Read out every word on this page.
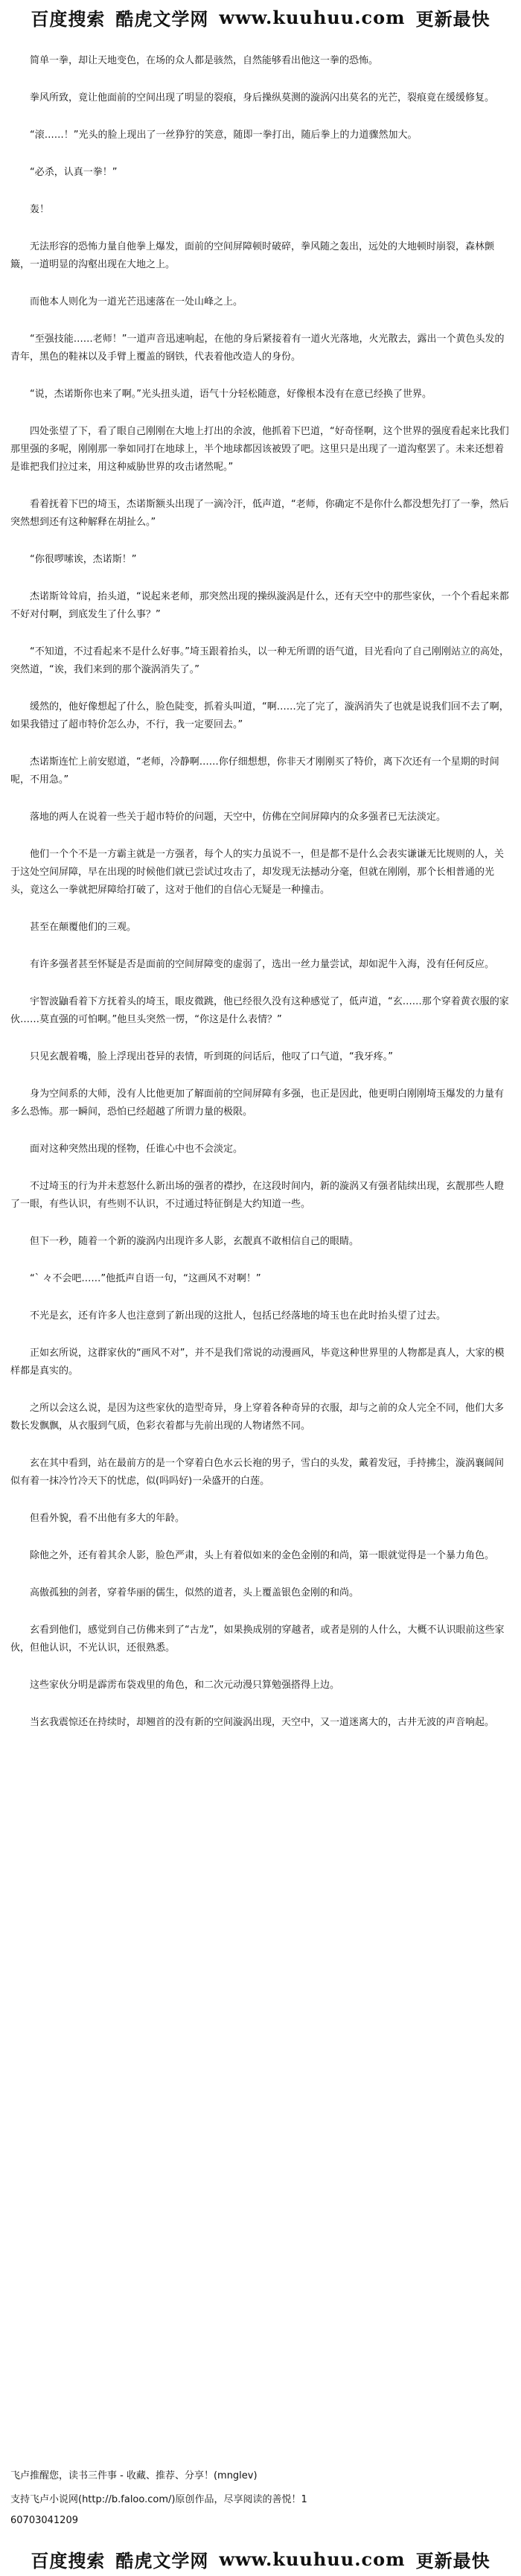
百度搜索 酷虎文学网 www.kuuhuu.com 更新最快

简单一拳，却让天地变色，在场的众人都是骇然，自然能够看出他这一拳的恐怖。

拳风所致，竟让他面前的空间出现了明显的裂痕，身后操纵莫测的漩涡闪出莫名的光芒，裂痕竟在缓缓修复。

“滚……！”光头的脸上现出了一丝狰狞的笑意，随即一拳打出，随后拳上的力道骤然加大。

“必杀，认真一拳！”

轰！

无法形容的恐怖力量自他拳上爆发，面前的空间屏障顿时破碎，拳风随之轰出，远处的大地顿时崩裂，森林颤簸，一道明显的沟壑出现在大地之上。

而他本人则化为一道光芒迅速落在一处山峰之上。

“至强技能……老师！”一道声音迅速响起，在他的身后紧接着有一道火光落地，火光散去，露出一个黄色头发的青年，黑色的鞋袜以及手臂上覆盖的钢铁，代表着他改造人的身份。

“说，杰诺斯你也来了啊。”光头扭头道，语气十分轻松随意，好像根本没有在意已经换了世界。

四处张望了下，看了眼自己刚刚在大地上打出的余波，他抓着下巴道，“好奇怪啊，这个世界的强度看起来比我们那里强的多呢，刚刚那一拳如同打在地球上，半个地球都因该被毁了吧。这里只是出现了一道沟壑罢了。未来还想着是谁把我们拉过来，用这种威胁世界的攻击诸然呢。”

看着抚着下巴的埼玉，杰诺斯额头出现了一滴冷汗，低声道，“老师，你确定不是你什么都没想先打了一拳，然后突然想到还有这种解释在胡扯么。”

“你很啰嗦诶，杰诺斯！”

杰诺斯耸耸肩，抬头道，“说起来老师，那突然出现的操纵漩涡是什么，还有天空中的那些家伙，一个个看起来都不好对付啊，到底发生了什么事？”

“不知道，不过看起来不是什么好事。”埼玉跟着抬头，以一种无所谓的语气道，目光看向了自己刚刚站立的高处，突然道，“诶，我们来到的那个漩涡消失了。”

缓然的，他好像想起了什么，脸色陡变，抓着头叫道，“啊……完了完了，漩涡消失了也就是说我们回不去了啊，如果我错过了超市特价怎么办，不行，我一定要回去。”

杰诺斯连忙上前安慰道，“老师，冷静啊……你仔细想想，你非天才刚刚买了特价，离下次还有一个星期的时间呢，不用急。”

落地的两人在说着一些关于超市特价的问题，天空中，仿佛在空间屏障内的众多强者已无法淡定。

他们一个个不是一方霸主就是一方强者，每个人的实力虽说不一，但是都不是什么会表实谦谦无比规则的人，关于这处空间屏障，早在出现的时候他们就已尝试过攻击了，却发现无法撼动分毫，但就在刚刚，那个长相普通的光头，竟这么一拳就把屏障给打破了，这对于他们的自信心无疑是一种撞击。

甚至在颠覆他们的三观。

有许多强者甚至怀疑是否是面前的空间屏障变的虚弱了，选出一丝力量尝试，却如泥牛入海，没有任何反应。

宇智波鼬看着下方抚着头的埼玉，眼皮微跳，他已经很久没有这种感觉了，低声道，“玄……那个穿着黄衣服的家伙……莫直强的可怕啊。”他旦头突然一愣，“你这是什么表情？”

只见玄靓着嘴，脸上浮现出苍异的表情，听到斑的问话后，他叹了口气道，“我牙疼。”

身为空间系的大师，没有人比他更加了解面前的空间屏障有多强，也正是因此，他更明白刚刚埼玉爆发的力量有多么恐怖。那一瞬间，恐怕已经超越了所谓力量的极限。

面对这种突然出现的怪物，任谁心中也不会淡定。

不过埼玉的行为并未惹怒什么新出场的强者的襟抄，在这段时间内，新的漩涡又有强者陆续出现，玄靓那些人瞪了一眼，有些认识，有些则不认识，不过通过特征倒是大约知道一些。

但下一秒，随着一个新的漩涡内出现许多人影，玄靓真不敢相信自己的眼睛。

“ˋ 々不会吧……”他抵声自语一句，“这画风不对啊！”

不光是玄，还有许多人也注意到了新出现的这批人，包括已经落地的埼玉也在此时抬头望了过去。

正如玄所说，这群家伙的“画风不对”，并不是我们常说的动漫画风，毕竟这种世界里的人物都是真人，大家的模样都是真实的。

之所以会这么说，是因为这些家伙的造型奇异，身上穿着各种奇异的衣服，却与之前的众人完全不同，他们大多数长发飘飘，从衣服到气质，色彩衣着都与先前出现的人物诸然不同。

玄在其中看到，站在最前方的是一个穿着白色水云长袍的男子，雪白的头发，戴着发冠，手持拂尘，漩涡襄阔间似有着一抹冷竹冷天下的忧虑，似(吗吗好)一朵盛开的白莲。

但看外貌，看不出他有多大的年龄。

除他之外，还有着其余人影，脸色严肃，头上有着似如来的金色金刚的和尚，第一眼就觉得是一个暴力角色。

高傲孤独的剑者，穿着华丽的儒生，似然的道者，头上覆盖银色金刚的和尚。

玄看到他们，感觉到自己仿佛来到了“古龙”，如果换成别的穿越者，或者是别的人什么，大概不认识眼前这些家伙，但他认识，不光认识，还很熟悉。

这些家伙分明是霹雳布袋戏里的角色，和二次元动漫只算勉强搭得上边。

当玄我震惊还在持续时，却翘首的没有新的空间漩涡出现，天空中，又一道迷离大的，古井无波的声音响起。

飞卢推醒您，读书三件事 - 收藏、推荐、分享！(mnglev)
支持飞卢小说网(http://b.faloo.com/)原创作品，尽享阅读的善悦！1
60703041209
百度搜索 酷虎文学网 www.kuuhuu.com 更新最快
